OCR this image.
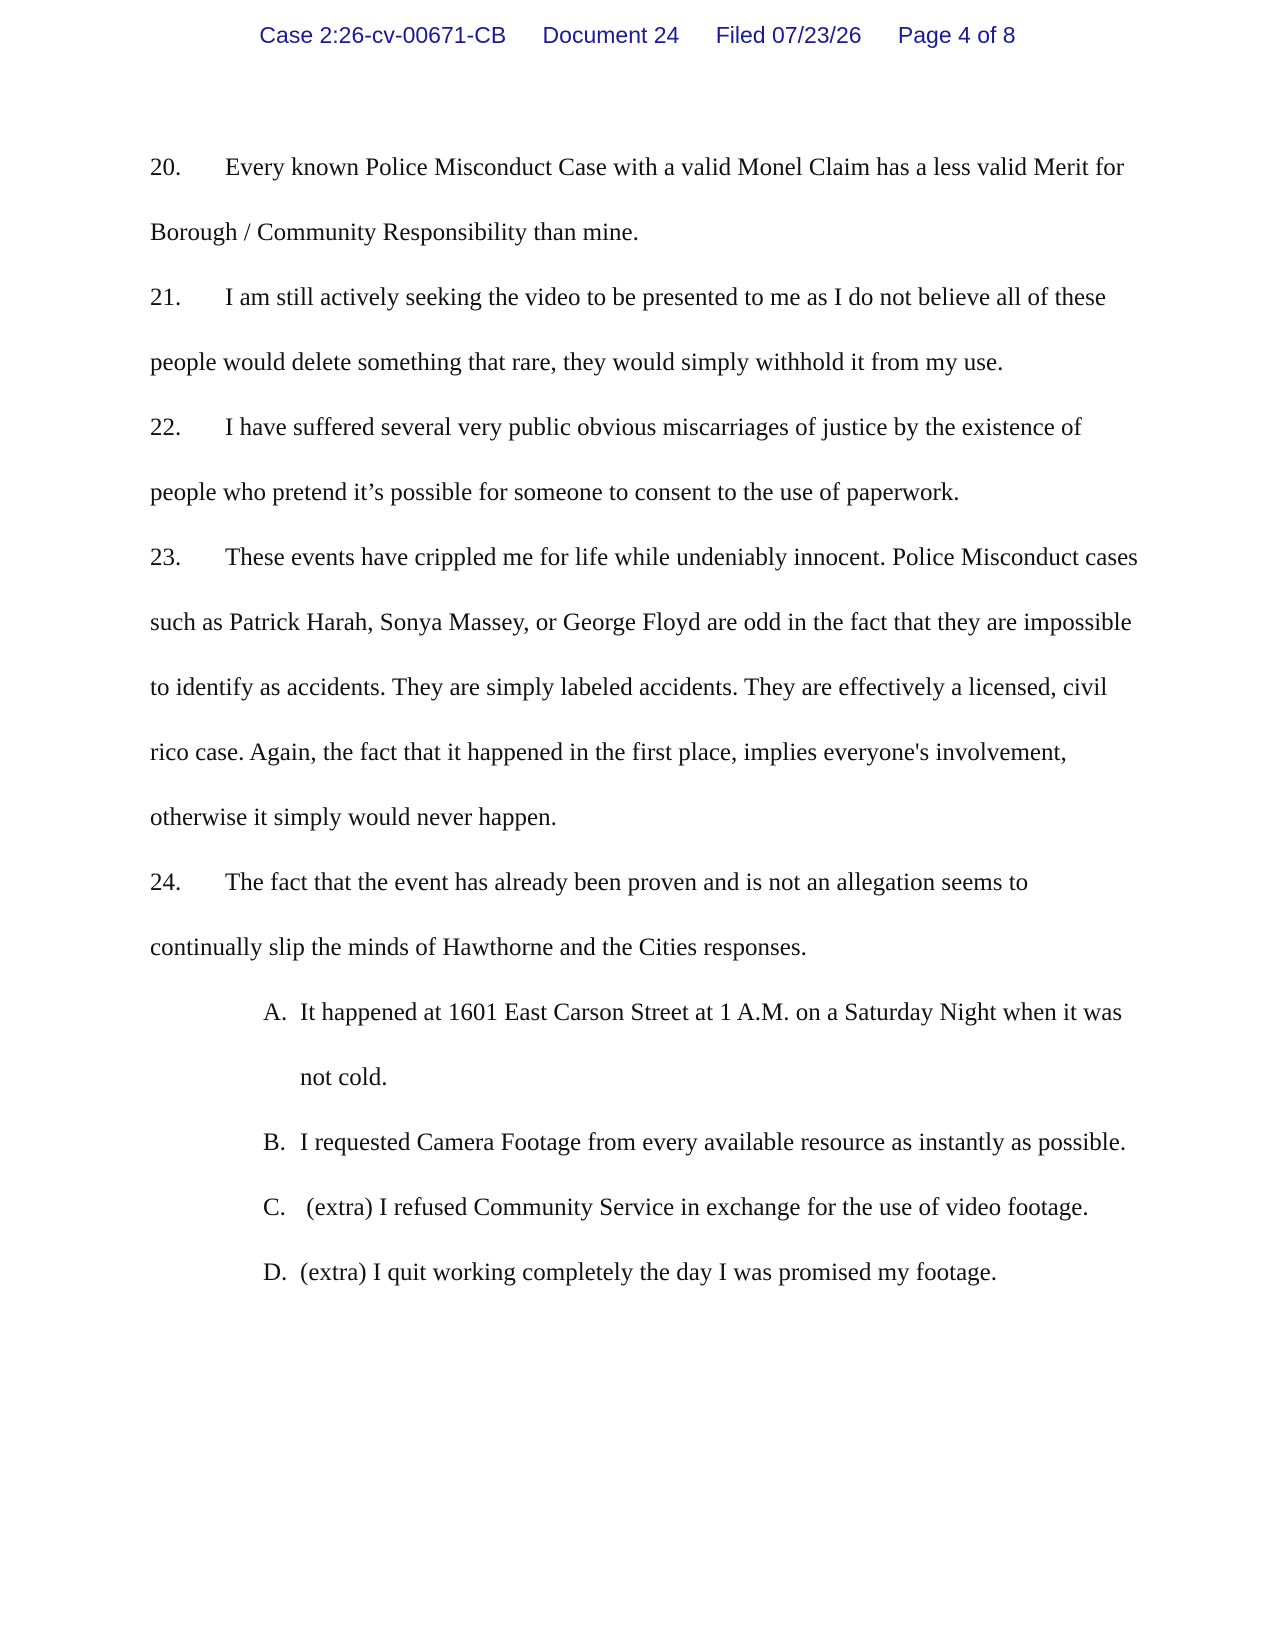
Case 2:26-cv-00671-CB Document 24 Filed 07/23/26 Page 4 of 8

20. Every known Police Misconduct Case with a valid Monel Claim has a less valid Merit for Borough / Community Responsibility than mine.

21. I am still actively seeking the video to be presented to me as I do not believe all of these people would delete something that rare, they would simply withhold it from my use.

22. I have suffered several very public obvious miscarriages of justice by the existence of people who pretend it’s possible for someone to consent to the use of paperwork.

23. These events have crippled me for life while undeniably innocent. Police Misconduct cases such as Patrick Harah, Sonya Massey, or George Floyd are odd in the fact that they are impossible to identify as accidents. They are simply labeled accidents. They are effectively a licensed, civil rico case. Again, the fact that it happened in the first place, implies everyone's involvement, otherwise it simply would never happen.

24. The fact that the event has already been proven and is not an allegation seems to continually slip the minds of Hawthorne and the Cities responses.

A. It happened at 1601 East Carson Street at 1 A.M. on a Saturday Night when it was not cold.
B. I requested Camera Footage from every available resource as instantly as possible.
C. (extra) I refused Community Service in exchange for the use of video footage.
D. (extra) I quit working completely the day I was promised my footage.
